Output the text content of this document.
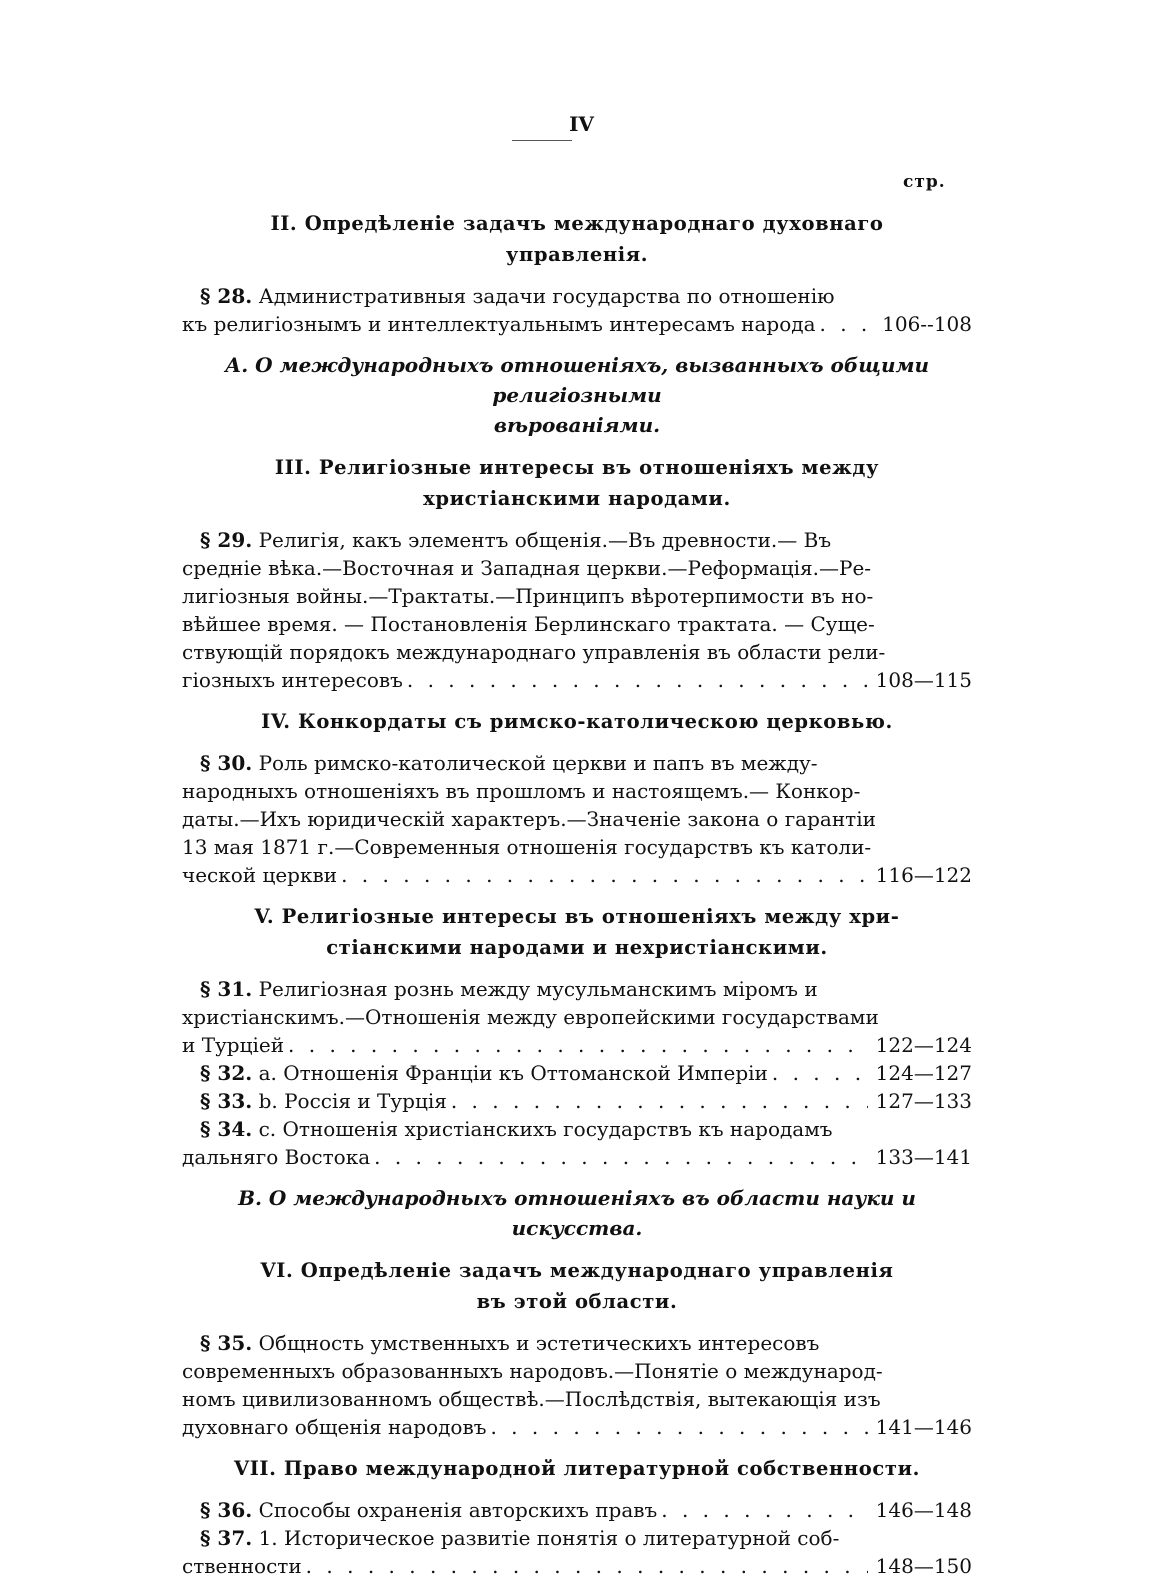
IV
стр.
II. Опредѣленіе задачъ международнаго духовнаго
управленія.
§ 28. Административныя задачи государства по отношенію
къ религіознымъ и интеллектуальнымъ интересамъ народа . . .	106--108
А. О международныхъ отношеніяхъ, вызванныхъ общими религіозными
вѣрованіями.
III. Религіозные интересы въ отношеніяхъ между
христіанскими народами.
§ 29. Религія, какъ элементъ общенія.—Въ древности.— Въ
средніе вѣка.—Восточная и Западная церкви.—Реформація.—Ре-
лигіозныя войны.—Трактаты.—Принципъ вѣротерпимости въ но-
вѣйшее время. — Постановленія Берлинскаго трактата. — Суще-
ствующій порядокъ международнаго управленія въ области рели-
гіозныхъ интересовъ . . .	108—115
IV. Конкордаты съ римско-католическою церковью.
§ 30. Роль римско-католической церкви и папъ въ между-
народныхъ отношеніяхъ въ прошломъ и настоящемъ.— Конкор-
даты.—Ихъ юридическій характеръ.—Значеніе закона о гарантіи
13 мая 1871 г.—Современныя отношенія государствъ къ католи-
ческой церкви . . .	116—122
V. Религіозные интересы въ отношеніяхъ между хри-
стіанскими народами и нехристіанскими.
§ 31. Религіозная рознь между мусульманскимъ міромъ и
христіанскимъ.—Отношенія между европейскими государствами
и Турціей . . .	122—124
§ 32. а. Отношенія Франціи къ Оттоманской Имперіи . . .	124—127
§ 33. b. Россія и Турція . . .	127—133
§ 34. с. Отношенія христіанскихъ государствъ къ народамъ
дальняго Востока . . .	133—141
В. О международныхъ отношеніяхъ въ области науки и искусства.
VI. Опредѣленіе задачъ международнаго управленія
въ этой области.
§ 35. Общность умственныхъ и эстетическихъ интересовъ
современныхъ образованныхъ народовъ.—Понятіе о международ-
номъ цивилизованномъ обществѣ.—Послѣдствія, вытекающія изъ
духовнаго общенія народовъ . . .	141—146
VII. Право международной литературной собственности.
§ 36. Способы охраненія авторскихъ правъ . . .	146—148
§ 37. 1. Историческое развитіе понятія о литературной соб-
ственности . . .	148—150
